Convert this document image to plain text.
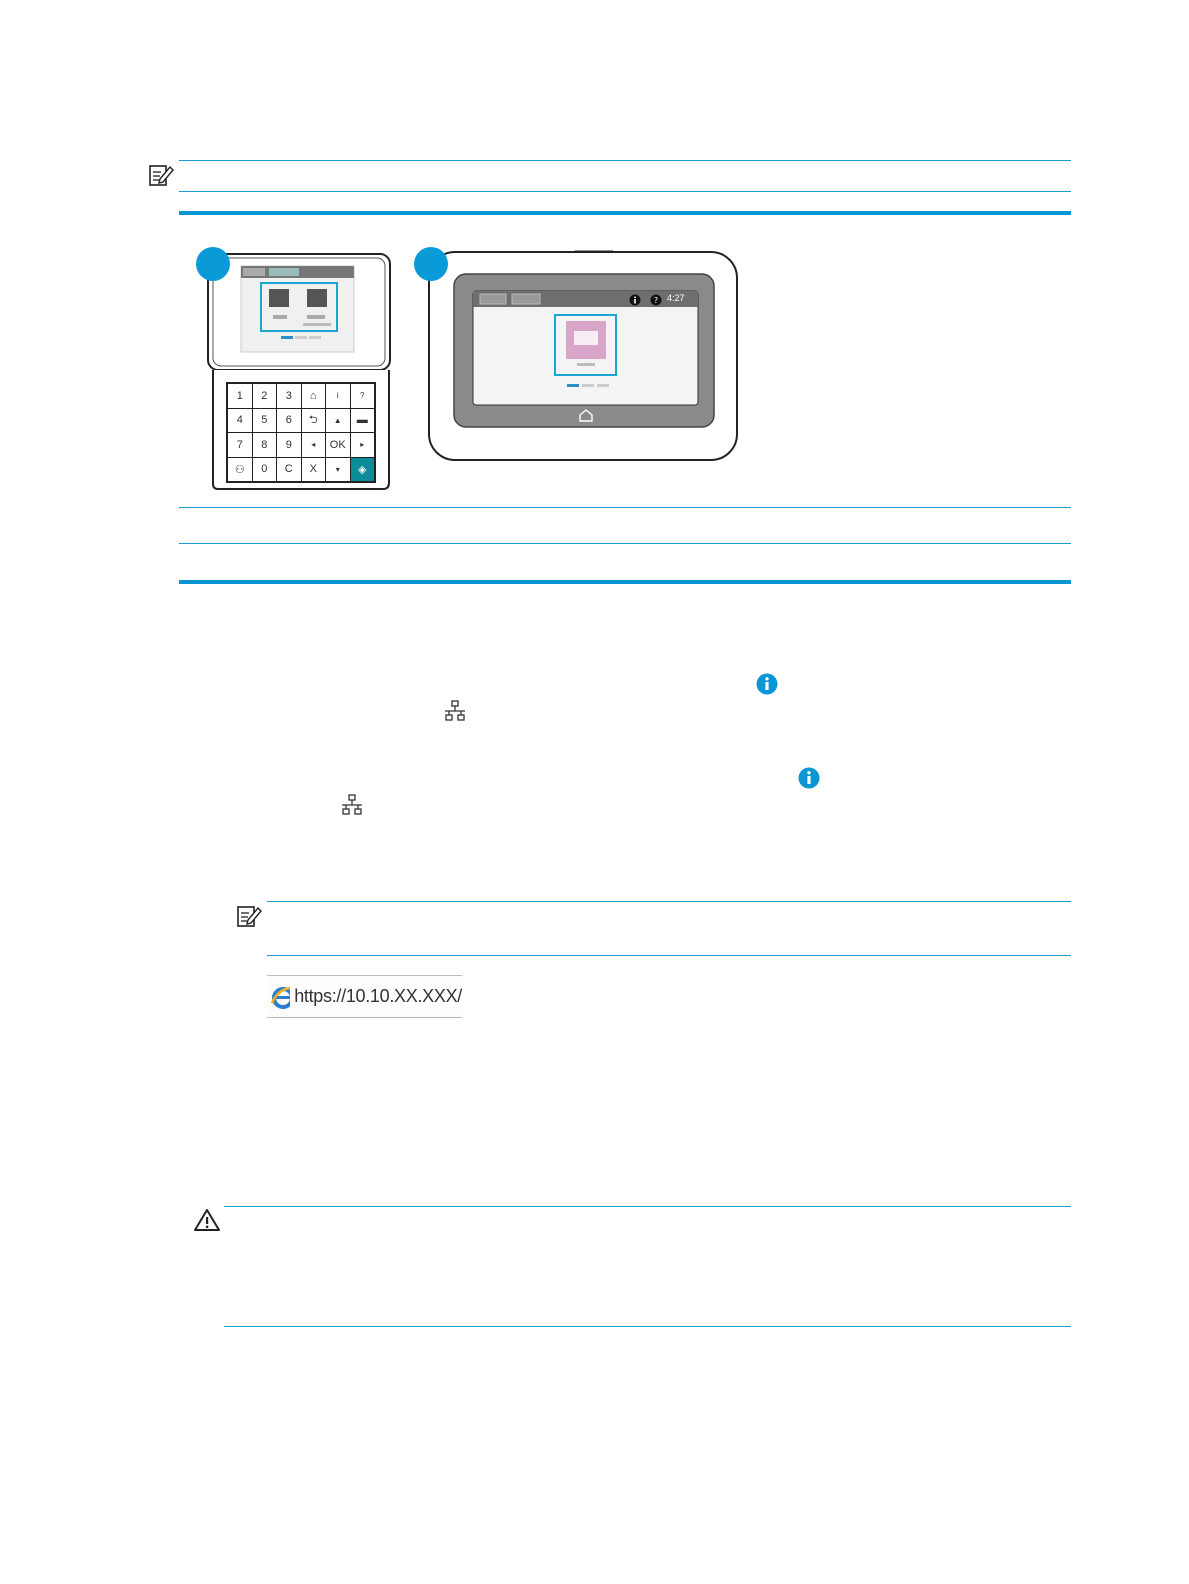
1	2	3	⌂	i	?
4	5	6	⮌	▲	▬
7	8	9	◂	OK	▸
⚇	0	C	X	▾	◈
? 4:27
https://10.10.XX.XXX/
